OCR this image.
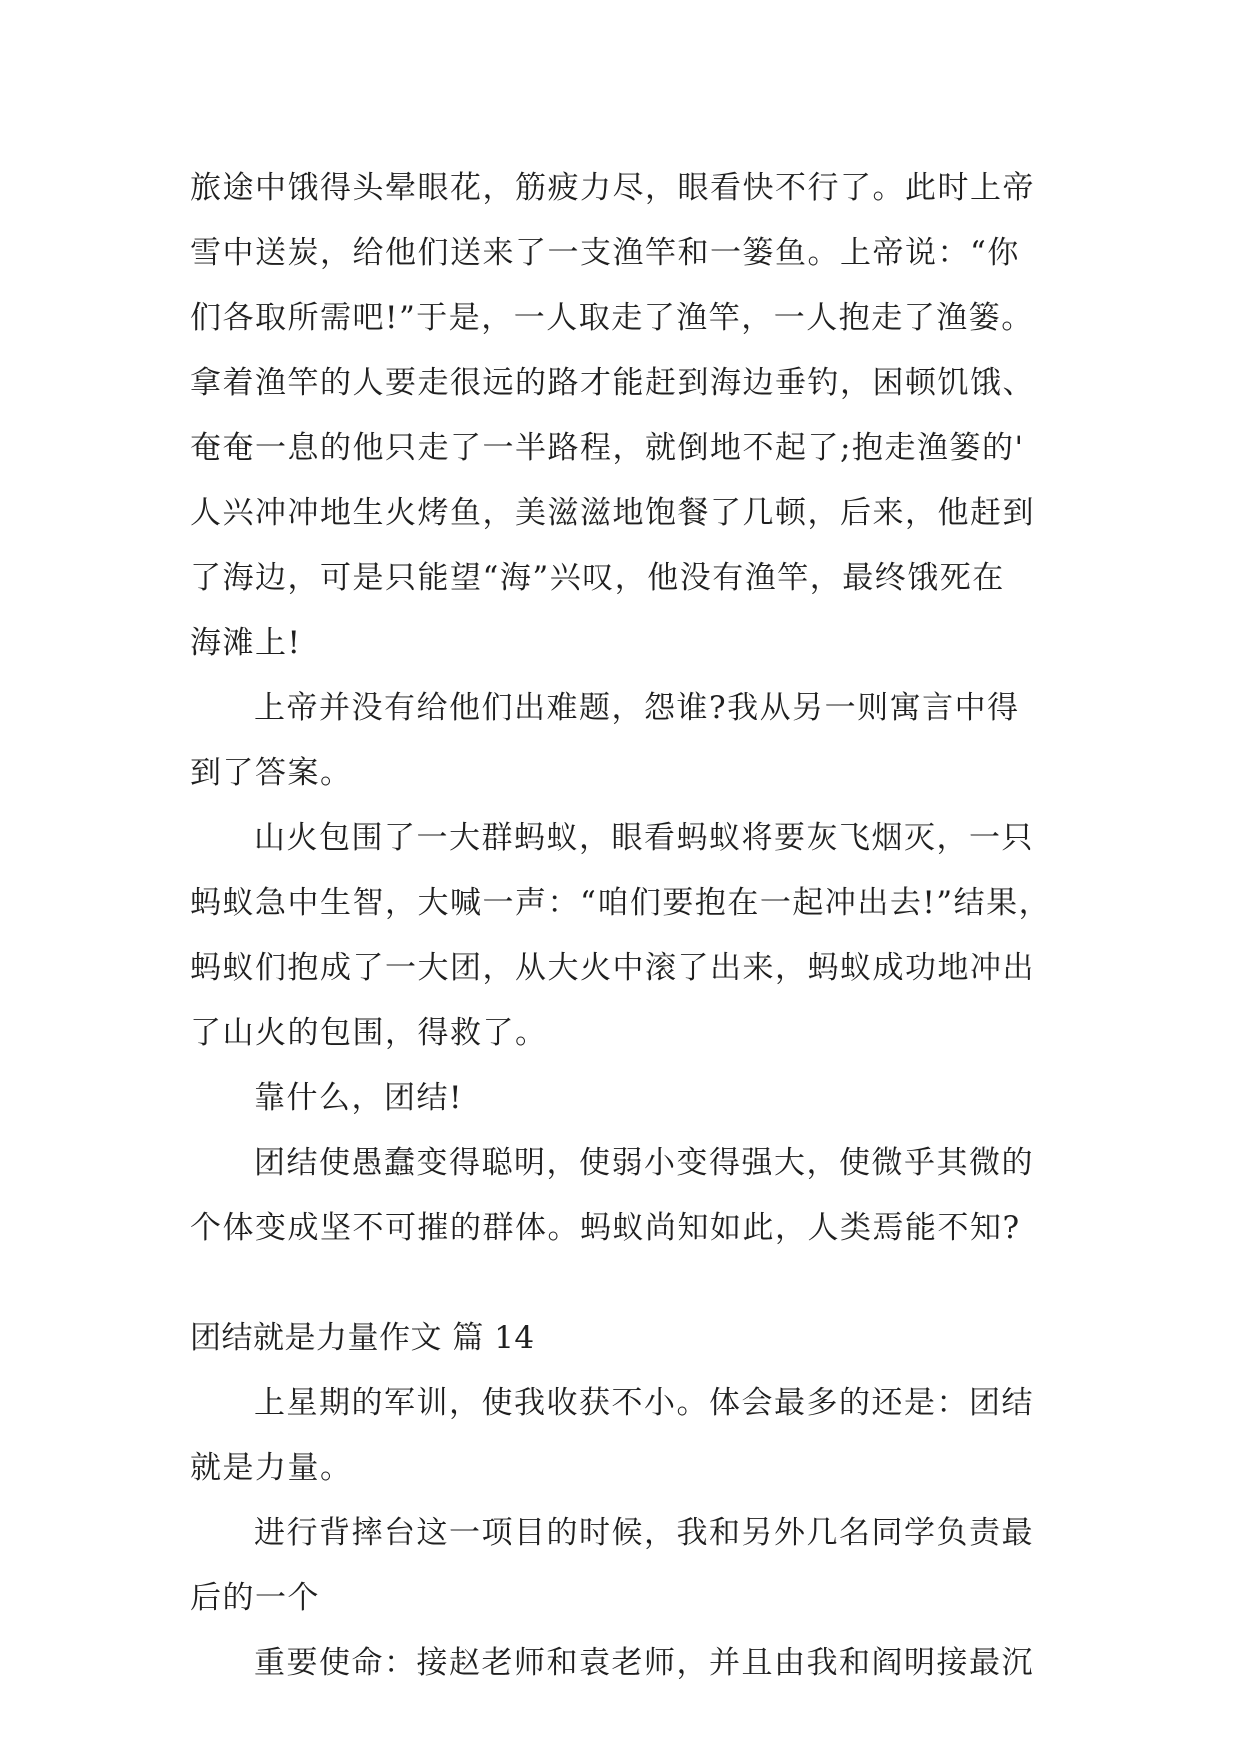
旅途中饿得头晕眼花，筋疲力尽，眼看快不行了。此时上帝
雪中送炭，给他们送来了一支渔竿和一篓鱼。上帝说：“你
们各取所需吧!”于是，一人取走了渔竿，一人抱走了渔篓。
拿着渔竿的人要走很远的路才能赶到海边垂钓，困顿饥饿、
奄奄一息的他只走了一半路程，就倒地不起了;抱走渔篓的'
人兴冲冲地生火烤鱼，美滋滋地饱餐了几顿，后来，他赶到
了海边，可是只能望“海”兴叹，他没有渔竿，最终饿死在
海滩上!
上帝并没有给他们出难题，怨谁?我从另一则寓言中得
到了答案。
山火包围了一大群蚂蚁，眼看蚂蚁将要灰飞烟灭，一只
蚂蚁急中生智，大喊一声：“咱们要抱在一起冲出去!”结果，
蚂蚁们抱成了一大团，从大火中滚了出来，蚂蚁成功地冲出
了山火的包围，得救了。
靠什么，团结!
团结使愚蠢变得聪明，使弱小变得强大，使微乎其微的
个体变成坚不可摧的群体。蚂蚁尚知如此，人类焉能不知?
团结就是力量作文 篇 14
上星期的军训，使我收获不小。体会最多的还是：团结
就是力量。
进行背摔台这一项目的时候，我和另外几名同学负责最
后的一个
重要使命：接赵老师和袁老师，并且由我和阎明接最沉
